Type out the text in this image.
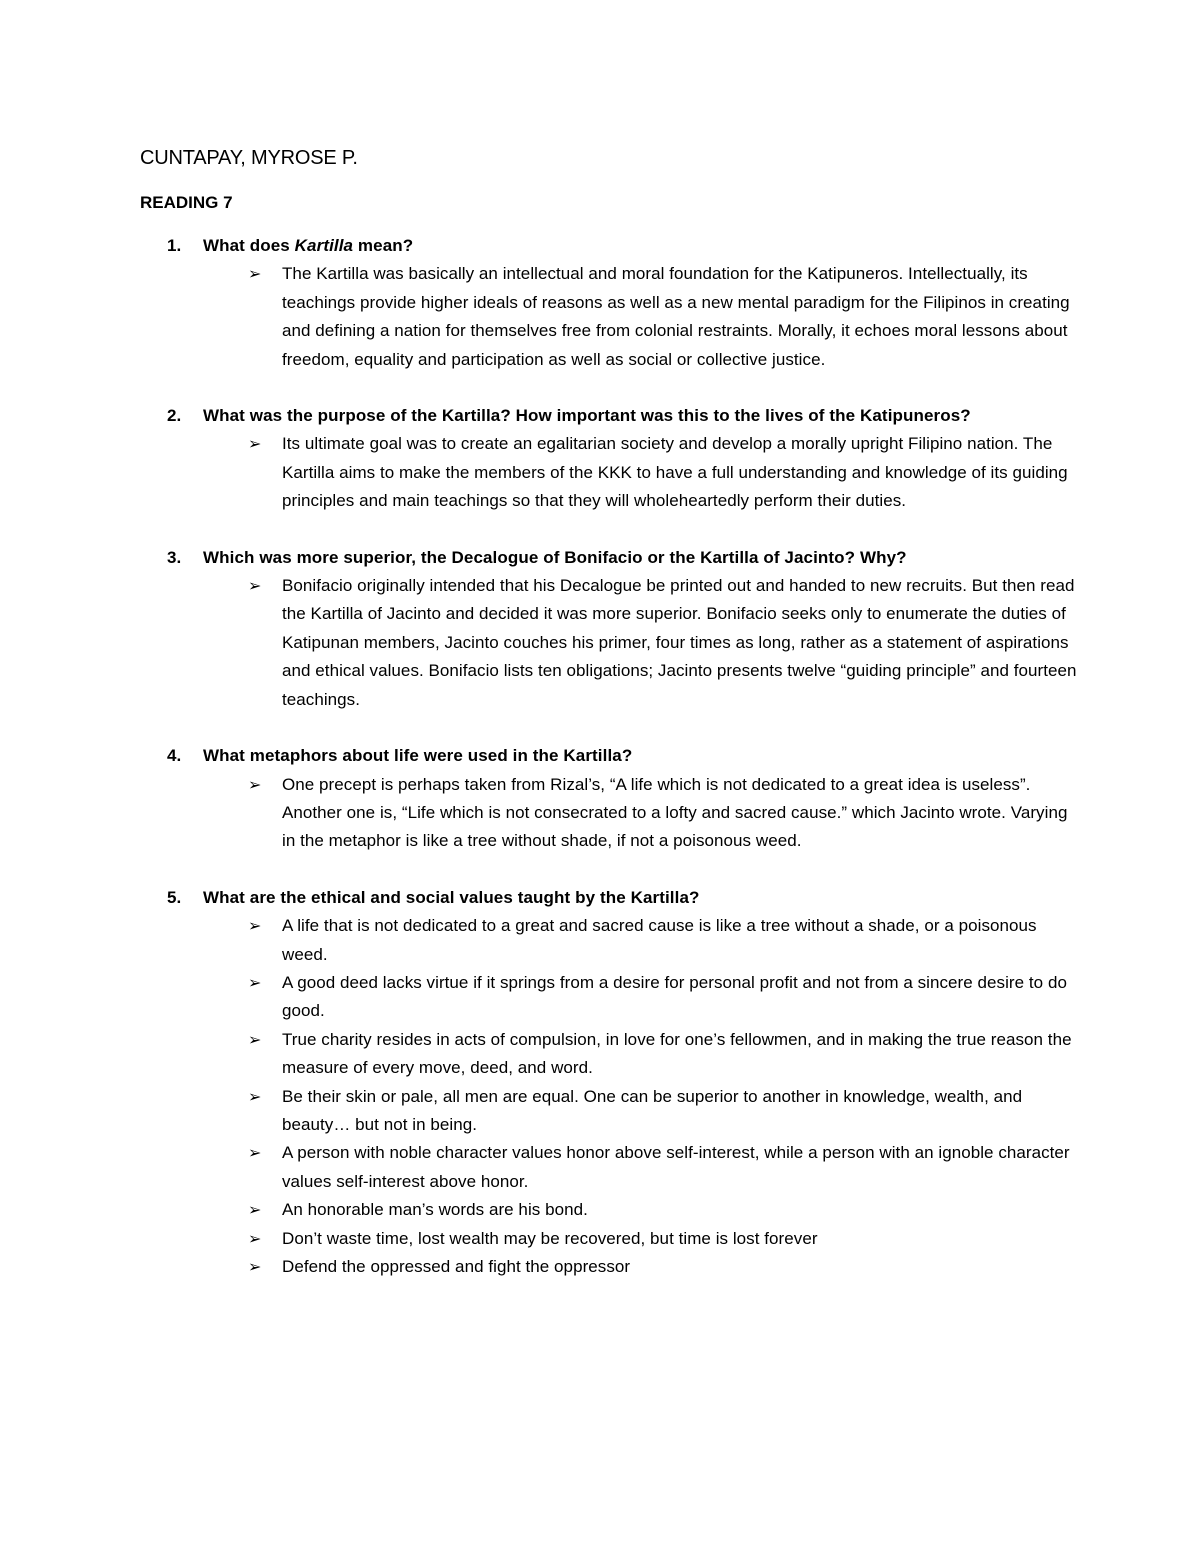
CUNTAPAY, MYROSE P.
READING 7
1. What does Kartilla mean?
➢ The Kartilla was basically an intellectual and moral foundation for the Katipuneros. Intellectually, its teachings provide higher ideals of reasons as well as a new mental paradigm for the Filipinos in creating and defining a nation for themselves free from colonial restraints. Morally, it echoes moral lessons about freedom, equality and participation as well as social or collective justice.
2. What was the purpose of the Kartilla? How important was this to the lives of the Katipuneros?
➢ Its ultimate goal was to create an egalitarian society and develop a morally upright Filipino nation. The Kartilla aims to make the members of the KKK to have a full understanding and knowledge of its guiding principles and main teachings so that they will wholeheartedly perform their duties.
3. Which was more superior, the Decalogue of Bonifacio or the Kartilla of Jacinto? Why?
➢ Bonifacio originally intended that his Decalogue be printed out and handed to new recruits. But then read the Kartilla of Jacinto and decided it was more superior. Bonifacio seeks only to enumerate the duties of Katipunan members, Jacinto couches his primer, four times as long, rather as a statement of aspirations and ethical values. Bonifacio lists ten obligations; Jacinto presents twelve “guiding principle” and fourteen teachings.
4. What metaphors about life were used in the Kartilla?
➢ One precept is perhaps taken from Rizal’s, “A life which is not dedicated to a great idea is useless”. Another one is, “Life which is not consecrated to a lofty and sacred cause.” which Jacinto wrote. Varying in the metaphor is like a tree without shade, if not a poisonous weed.
5. What are the ethical and social values taught by the Kartilla?
➢ A life that is not dedicated to a great and sacred cause is like a tree without a shade, or a poisonous weed.
➢ A good deed lacks virtue if it springs from a desire for personal profit and not from a sincere desire to do good.
➢ True charity resides in acts of compulsion, in love for one’s fellowmen, and in making the true reason the measure of every move, deed, and word.
➢ Be their skin or pale, all men are equal. One can be superior to another in knowledge, wealth, and beauty… but not in being.
➢ A person with noble character values honor above self-interest, while a person with an ignoble character values self-interest above honor.
➢ An honorable man’s words are his bond.
➢ Don’t waste time, lost wealth may be recovered, but time is lost forever
➢ Defend the oppressed and fight the oppressor
